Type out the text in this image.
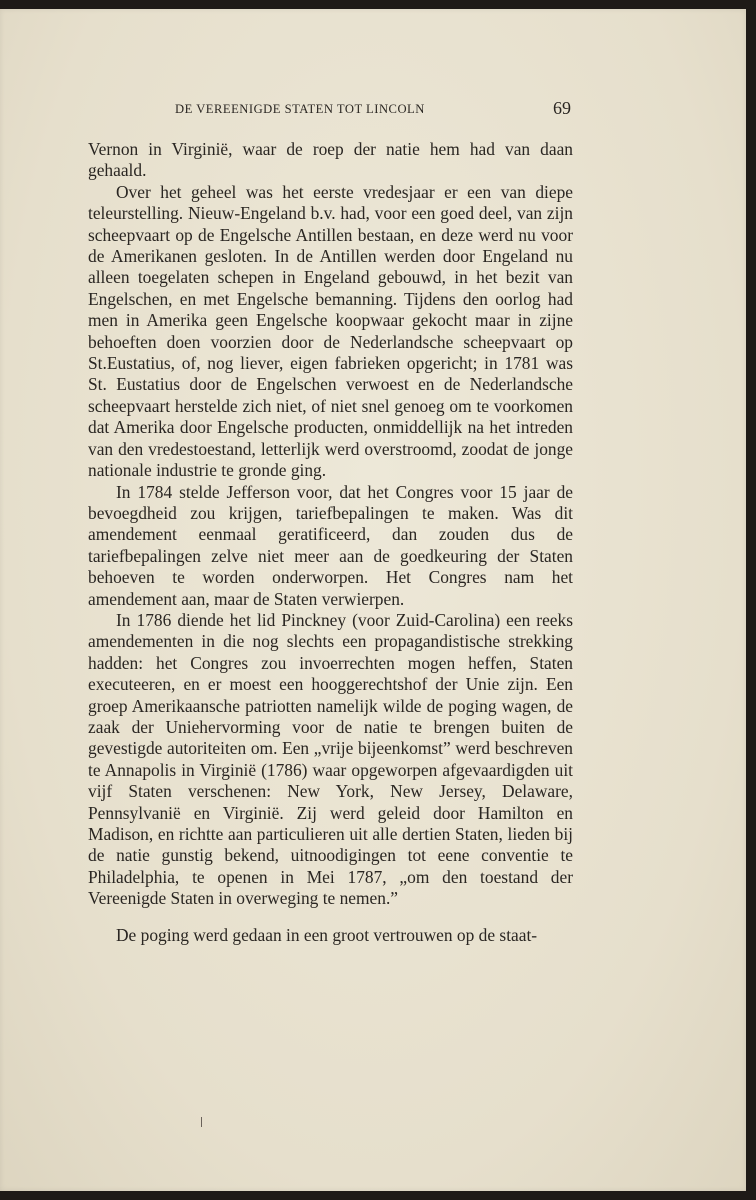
DE VEREENIGDE STATEN TOT LINCOLN	69

Vernon in Virginië, waar de roep der natie hem had van daan gehaald.

Over het geheel was het eerste vredesjaar er een van diepe teleurstelling. Nieuw-Engeland b.v. had, voor een goed deel, van zijn scheepvaart op de Engelsche Antillen bestaan, en deze werd nu voor de Amerikanen gesloten. In de Antillen werden door Engeland nu alleen toegelaten schepen in Engeland gebouwd, in het bezit van Engelschen, en met Engelsche bemanning. Tijdens den oorlog had men in Amerika geen Engelsche koopwaar gekocht maar in zijne behoeften doen voorzien door de Nederlandsche scheepvaart op St.Eustatius, of, nog liever, eigen fabrieken opgericht; in 1781 was St. Eustatius door de Engelschen verwoest en de Nederlandsche scheepvaart herstelde zich niet, of niet snel genoeg om te voorkomen dat Amerika door Engelsche producten, onmiddellijk na het intreden van den vredestoestand, letterlijk werd overstroomd, zoodat de jonge nationale industrie te gronde ging.

In 1784 stelde Jefferson voor, dat het Congres voor 15 jaar de bevoegdheid zou krijgen, tariefbepalingen te maken. Was dit amendement eenmaal geratificeerd, dan zouden dus de tariefbepalingen zelve niet meer aan de goedkeuring der Staten behoeven te worden onderworpen. Het Congres nam het amendement aan, maar de Staten verwierpen.

In 1786 diende het lid Pinckney (voor Zuid-Carolina) een reeks amendementen in die nog slechts een propagandistische strekking hadden: het Congres zou invoerrechten mogen heffen, Staten executeeren, en er moest een hooggerechtshof der Unie zijn. Een groep Amerikaansche patriotten namelijk wilde de poging wagen, de zaak der Uniehervorming voor de natie te brengen buiten de gevestigde autoriteiten om. Een „vrije bijeenkomst” werd beschreven te Annapolis in Virginië (1786) waar opgeworpen afgevaardigden uit vijf Staten verschenen: New York, New Jersey, Delaware, Pennsylvanië en Virginië. Zij werd geleid door Hamilton en Madison, en richtte aan particulieren uit alle dertien Staten, lieden bij de natie gunstig bekend, uitnoodigingen tot eene conventie te Philadelphia, te openen in Mei 1787, „om den toestand der Vereenigde Staten in overweging te nemen.”

De poging werd gedaan in een groot vertrouwen op de staat-
